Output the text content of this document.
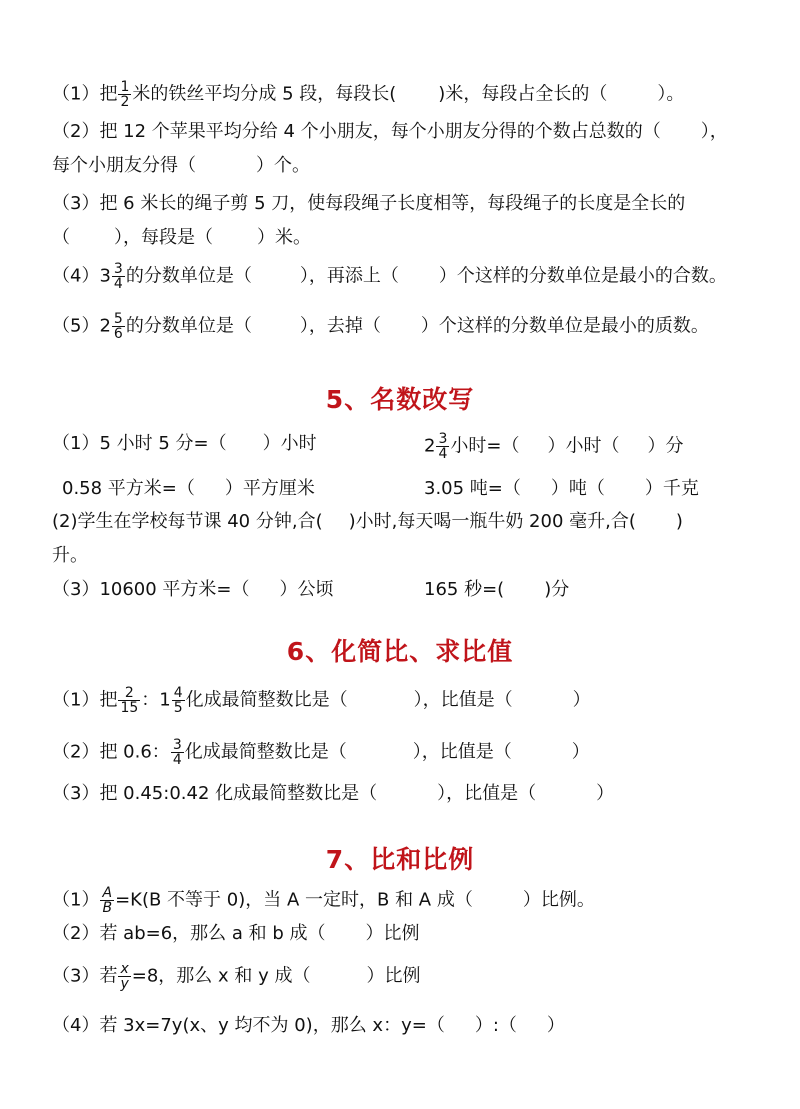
（1）把 $\frac{1}{2}$ 米的铁丝平均分成 5 段，每段长( )米，每段占全长的（	）。
（2）把 12 个苹果平均分给 4 个小朋友，每个小朋友分得的个数占总数的（ ），
每个小朋友分得（	）个。
（3）把 6 米长的绳子剪 5 刀，使每段绳子长度相等，每段绳子的长度是全长的
（ ），每段是（ ）米。
$(4)3 \frac{3}{4}$ 的分数单位是（	），再添上（ ）个这样的分数单位是最小的合数。
$(5)2 \frac{5}{6}$ 的分数单位是（	），去掉（ ）个这样的分数单位是最小的质数。
5、名数改写
（1）5 小时 5 分=（ ）小时	$2 \frac{3}{4}$ 小时=（ ）小时（ ）分
0.58 平方米=（ ）平方厘米	3.05 吨=（ ）吨（ ）千克
(2)学生在学校每节课 40 分钟,合( )小时,每天喝一瓶牛奶 200 毫升,合( )
升。
（3）10600 平方米=（ ）公顷	165 秒=( )分
6、化简比、求比值
（1）把 $\frac{2}{15}$ ：$1 \frac{4}{5}$ 化成最简整数比是（	），比值是（	）
（2）把 0.6： $\frac{3}{4}$ 化成最简整数比是（	），比值是（	）
（3）把 0.45:0.42 化成最简整数比是（	），比值是（	）
7、比和比例
$(1) \frac{A}{B} =K(B$ 不等于 0)，当 A 一定时，B 和 A 成（	）比例。
（2）若 ab=6，那么 a 和 b 成（ ）比例
（3）若 $\frac{x}{y} =8$，那么 x 和 y 成（	）比例
（4）若 3x=7y(x、y 均不为 0)，那么 x：y=（ ）:（ ）
